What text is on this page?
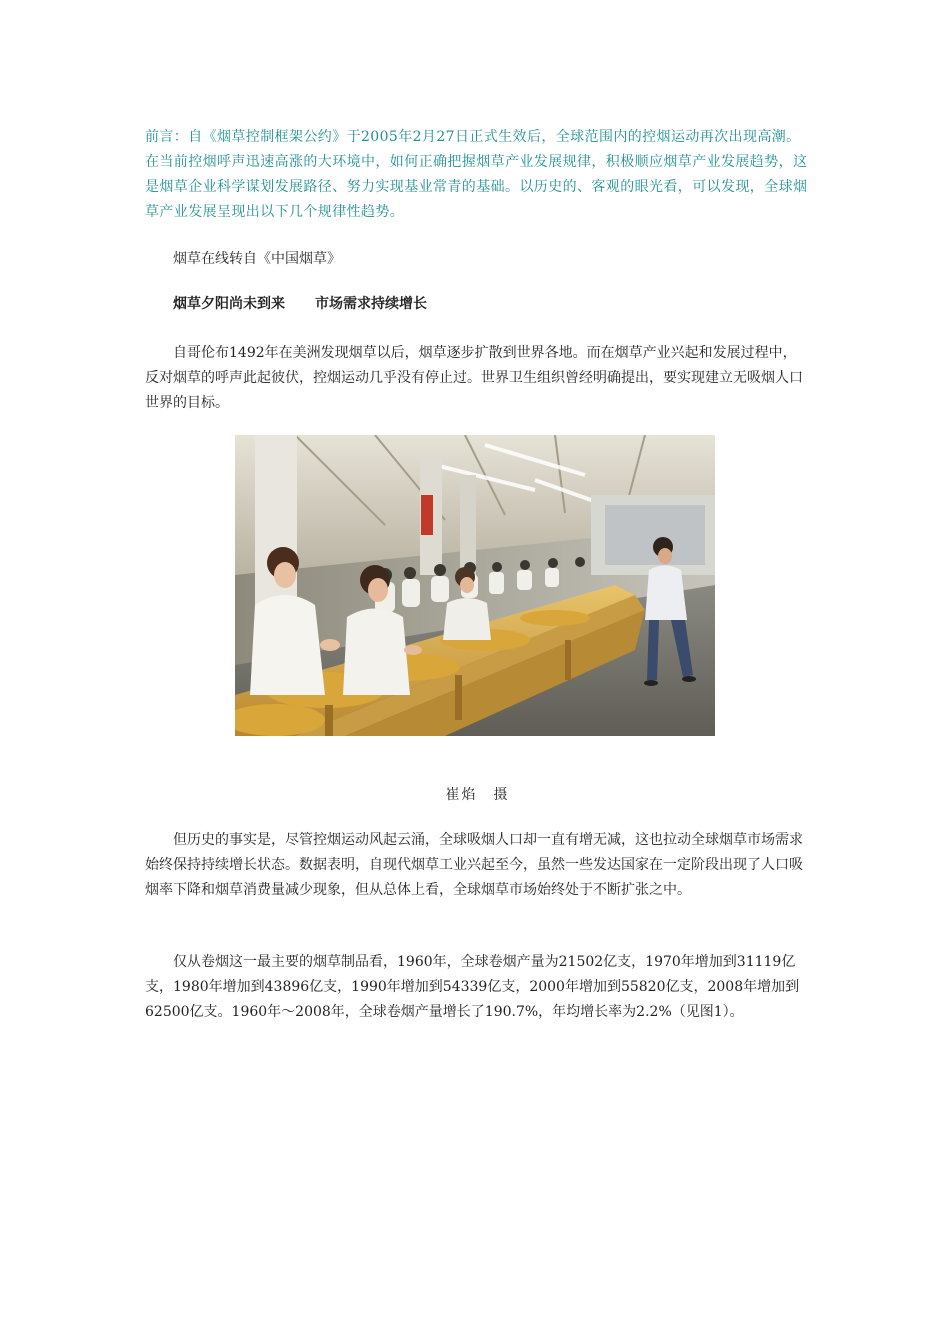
前言：自《烟草控制框架公约》于2005年2月27日正式生效后，全球范围内的控烟运动再次出现高潮。在当前控烟呼声迅速高涨的大环境中，如何正确把握烟草产业发展规律，积极顺应烟草产业发展趋势，这是烟草企业科学谋划发展路径、努力实现基业常青的基础。以历史的、客观的眼光看，可以发现，全球烟草产业发展呈现出以下几个规律性趋势。

烟草在线转自《中国烟草》

烟草夕阳尚未到来 市场需求持续增长

自哥伦布1492年在美洲发现烟草以后，烟草逐步扩散到世界各地。而在烟草产业兴起和发展过程中，反对烟草的呼声此起彼伏，控烟运动几乎没有停止过。世界卫生组织曾经明确提出，要实现建立无吸烟人口世界的目标。

崔焰　摄

但历史的事实是，尽管控烟运动风起云涌，全球吸烟人口却一直有增无减，这也拉动全球烟草市场需求始终保持持续增长状态。数据表明，自现代烟草工业兴起至今，虽然一些发达国家在一定阶段出现了人口吸烟率下降和烟草消费量减少现象，但从总体上看，全球烟草市场始终处于不断扩张之中。

仅从卷烟这一最主要的烟草制品看，1960年，全球卷烟产量为21502亿支，1970年增加到31119亿支，1980年增加到43896亿支，1990年增加到54339亿支，2000年增加到55820亿支，2008年增加到62500亿支。1960年～2008年，全球卷烟产量增长了190.7%，年均增长率为2.2%（见图1）。
